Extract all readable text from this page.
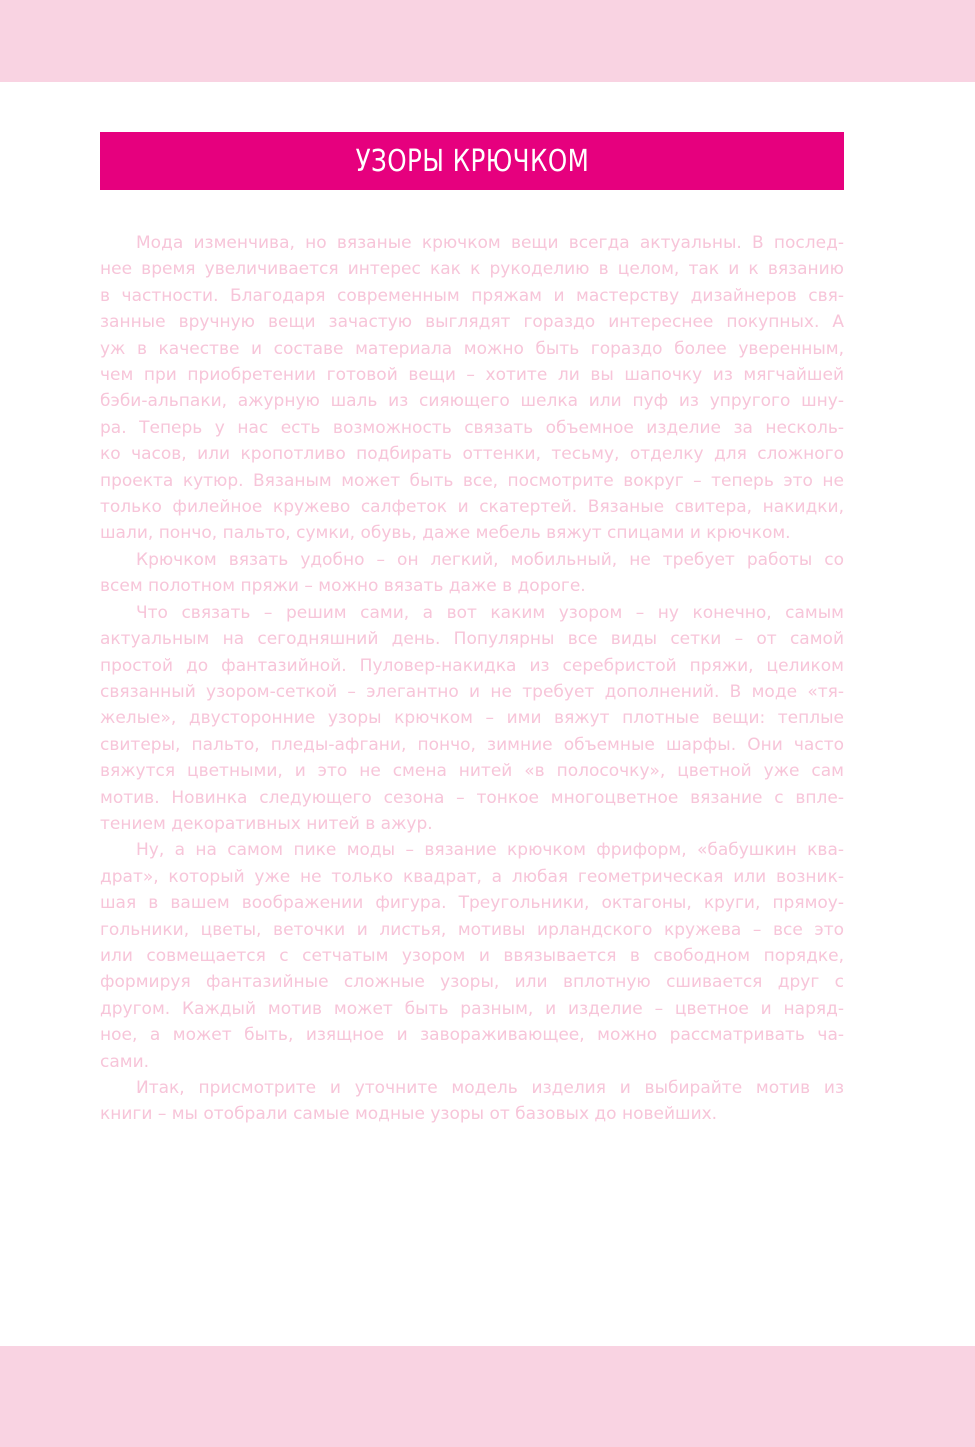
УЗОРЫ КРЮЧКОМ

Мода изменчива, но вязаные крючком вещи всегда актуальны. В послед-
нее время увеличивается интерес как к рукоделию в целом, так и к вязанию
в частности. Благодаря современным пряжам и мастерству дизайнеров свя-
занные вручную вещи зачастую выглядят гораздо интереснее покупных. А
уж в качестве и составе материала можно быть гораздо более уверенным,
чем при приобретении готовой вещи – хотите ли вы шапочку из мягчайшей
бэби-альпаки, ажурную шаль из сияющего шелка или пуф из упругого шну-
ра. Теперь у нас есть возможность связать объемное изделие за несколь-
ко часов, или кропотливо подбирать оттенки, тесьму, отделку для сложного
проекта кутюр. Вязаным может быть все, посмотрите вокруг – теперь это не
только филейное кружево салфеток и скатертей. Вязаные свитера, накидки,
шали, пончо, пальто, сумки, обувь, даже мебель вяжут спицами и крючком.

Крючком вязать удобно – он легкий, мобильный, не требует работы со
всем полотном пряжи – можно вязать даже в дороге.

Что связать – решим сами, а вот каким узором – ну конечно, самым
актуальным на сегодняшний день. Популярны все виды сетки – от самой
простой до фантазийной. Пуловер-накидка из серебристой пряжи, целиком
связанный узором-сеткой – элегантно и не требует дополнений. В моде «тя-
желые», двусторонние узоры крючком – ими вяжут плотные вещи: теплые
свитеры, пальто, пледы-афгани, пончо, зимние объемные шарфы. Они часто
вяжутся цветными, и это не смена нитей «в полосочку», цветной уже сам
мотив. Новинка следующего сезона – тонкое многоцветное вязание с впле-
тением декоративных нитей в ажур.

Ну, а на самом пике моды – вязание крючком фриформ, «бабушкин ква-
драт», который уже не только квадрат, а любая геометрическая или возник-
шая в вашем воображении фигура. Треугольники, октагоны, круги, прямоу-
гольники, цветы, веточки и листья, мотивы ирландского кружева – все это
или совмещается с сетчатым узором и ввязывается в свободном порядке,
формируя фантазийные сложные узоры, или вплотную сшивается друг с
другом. Каждый мотив может быть разным, и изделие – цветное и наряд-
ное, а может быть, изящное и завораживающее, можно рассматривать ча-
сами.

Итак, присмотрите и уточните модель изделия и выбирайте мотив из
книги – мы отобрали самые модные узоры от базовых до новейших.
